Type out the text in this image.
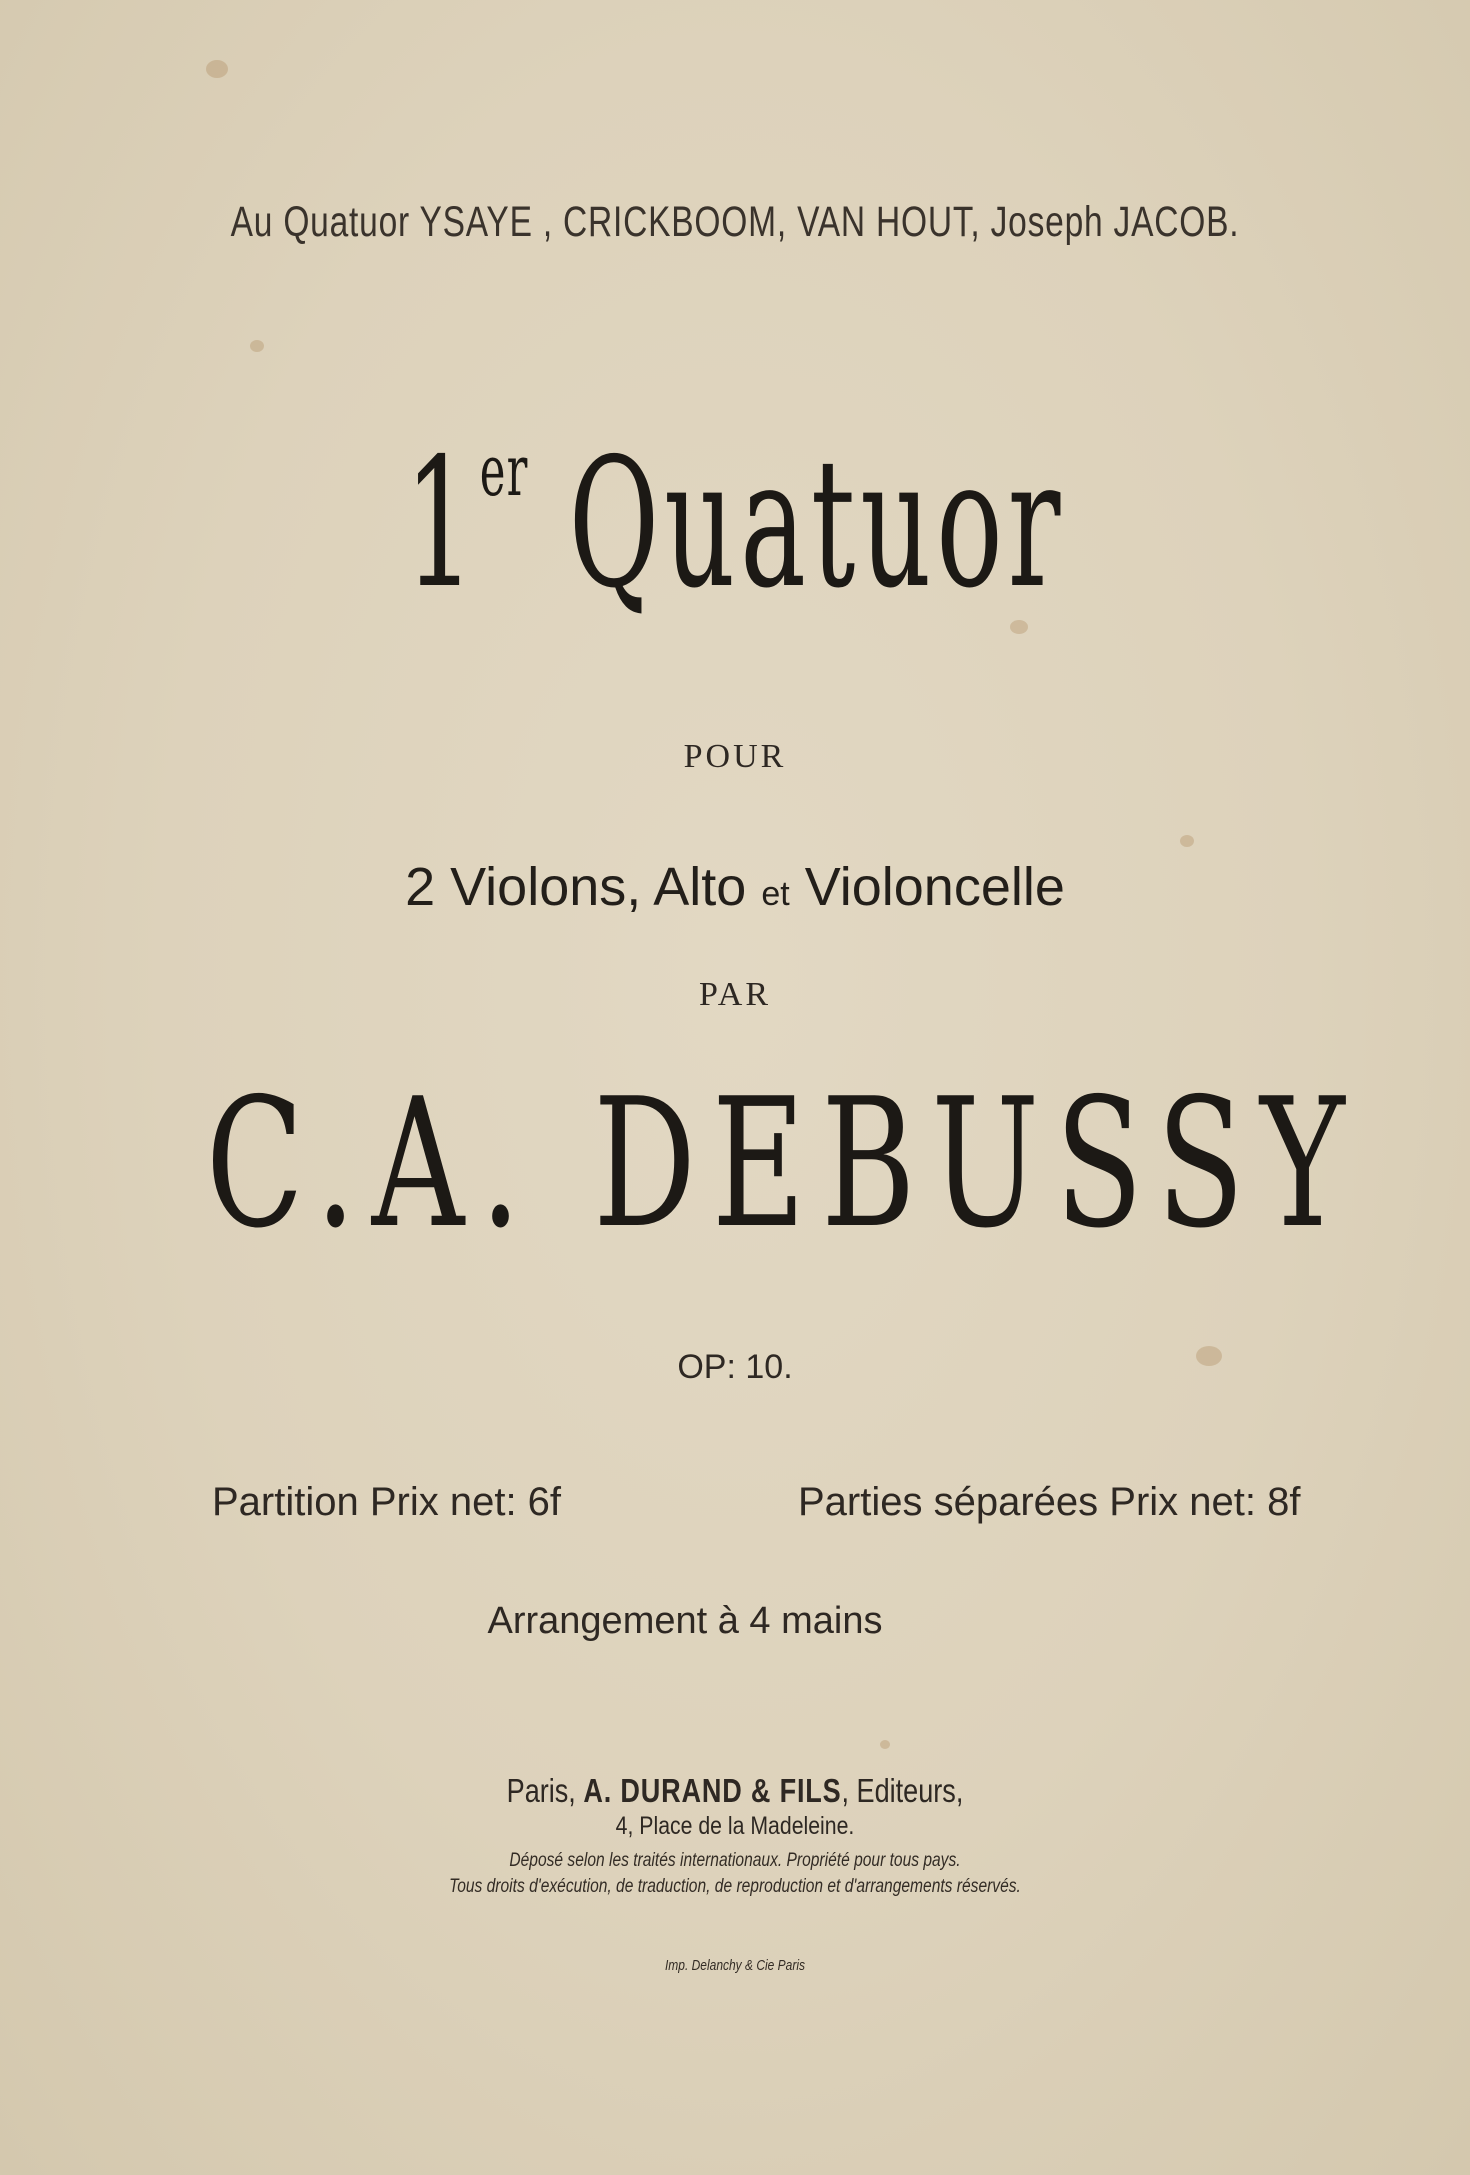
Au Quatuor YSAYE , CRICKBOOM, VAN HOUT, Joseph JACOB.
1er Quatuor
POUR
2 Violons, Alto et Violoncelle
PAR
C.A. DEBUSSY
OP: 10.
Partition Prix net: 6f	Parties séparées Prix net: 8f
Arrangement à 4 mains
Paris, A. DURAND & FILS, Editeurs,
4, Place de la Madeleine.
Déposé selon les traités internationaux. Propriété pour tous pays.
Tous droits d'exécution, de traduction, de reproduction et d'arrangements réservés.
Imp. Delanchy & Cie Paris
